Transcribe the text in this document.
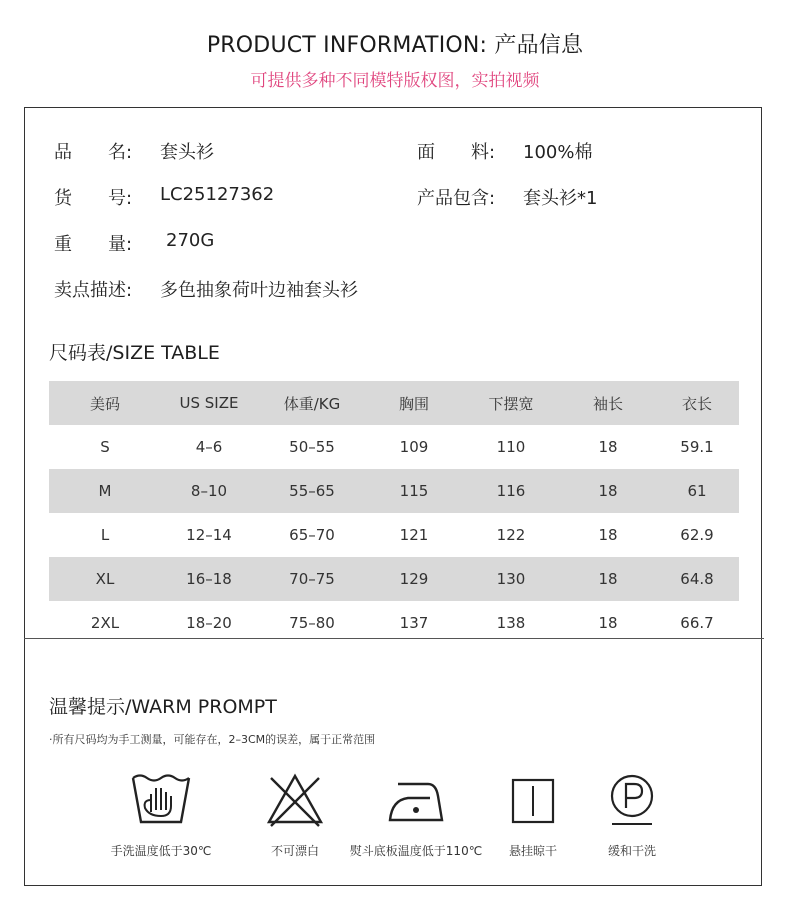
PRODUCT INFORMATION: 产品信息
可提供多种不同模特版权图，实拍视频
品　　名: 套头衫	面　　料: 100%棉
货　　号: LC25127362	产品包含: 套头衫*1
重　　量: 270G
卖点描述: 多色抽象荷叶边袖套头衫
尺码表/SIZE TABLE
美码	US SIZE	体重/KG	胸围	下摆宽	袖长	衣长
S	4–6	50–55	109	110	18	59.1
M	8–10	55–65	115	116	18	61
L	12–14	65–70	121	122	18	62.9
XL	16–18	70–75	129	130	18	64.8
2XL	18–20	75–80	137	138	18	66.7
温馨提示/WARM PROMPT
·所有尺码均为手工测量，可能存在，2–3CM的误差，属于正常范围
手洗温度低于30℃	不可漂白	熨斗底板温度低于110℃	悬挂晾干	缓和干洗
